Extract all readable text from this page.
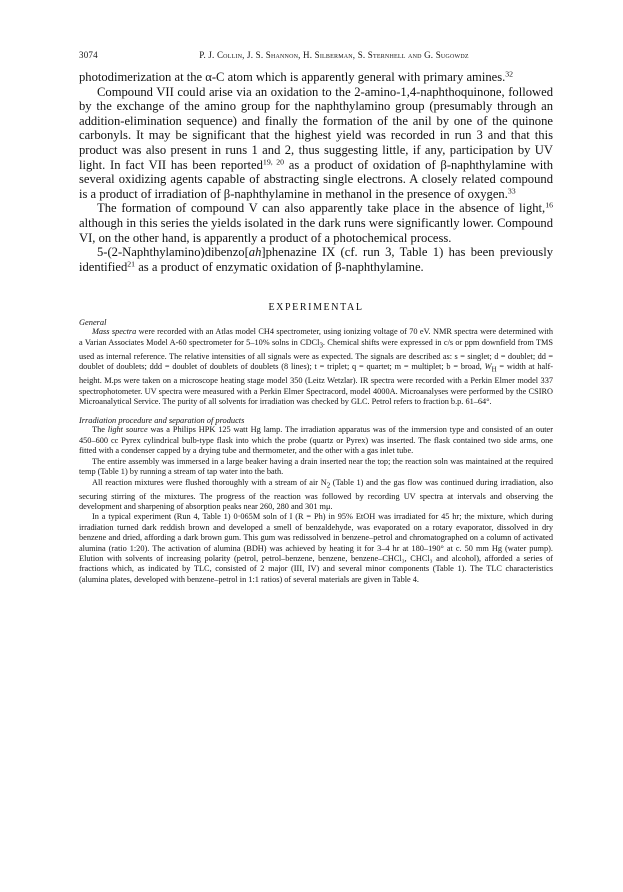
3074	P. J. Collin, J. S. Shannon, H. Silberman, S. Sternhell and G. Sugowdz

photodimerization at the α-C atom which is apparently general with primary amines.$^{32}$

Compound VII could arise via an oxidation to the 2-amino-1,4-naphthoquinone, followed by the exchange of the amino group for the naphthylamino group (presumably through an addition-elimination sequence) and finally the formation of the anil by one of the quinone carbonyls. It may be significant that the highest yield was recorded in run 3 and that this product was also present in runs 1 and 2, thus suggesting little, if any, participation by UV light. In fact VII has been reported$^{19, 20}$ as a product of oxidation of β-naphthylamine with several oxidizing agents capable of abstracting single electrons. A closely related compound is a product of irradiation of β-naphthylamine in methanol in the presence of oxygen.$^{33}$

The formation of compound V can also apparently take place in the absence of light,$^{16}$ although in this series the yields isolated in the dark runs were significantly lower. Compound VI, on the other hand, is apparently a product of a photochemical process.

5-(2-Naphthylamino)dibenzo[ah]phenazine IX (cf. run 3, Table 1) has been previously identified$^{21}$ as a product of enzymatic oxidation of β-naphthylamine.

EXPERIMENTAL

General

Mass spectra were recorded with an Atlas model CH4 spectrometer, using ionizing voltage of 70 eV. NMR spectra were determined with a Varian Associates Model A-60 spectrometer for 5–10% solns in CDCl$_3$. Chemical shifts were expressed in c/s or ppm downfield from TMS used as internal reference. The relative intensities of all signals were as expected. The signals are described as: s = singlet; d = doublet; dd = doublet of doublets; ddd = doublet of doublets of doublets (8 lines); t = triplet; q = quartet; m = multiplet; b = broad, $W_H$ = width at half-height. M.ps were taken on a microscope heating stage model 350 (Leitz Wetzlar). IR spectra were recorded with a Perkin Elmer model 337 spectrophotometer. UV spectra were measured with a Perkin Elmer Spectracord, model 4000A. Microanalyses were performed by the CSIRO Microanalytical Service. The purity of all solvents for irradiation was checked by GLC. Petrol refers to fraction b.p. 61–64°.

Irradiation procedure and separation of products

The light source was a Philips HPK 125 watt Hg lamp. The irradiation apparatus was of the immersion type and consisted of an outer 450–600 cc Pyrex cylindrical bulb-type flask into which the probe (quartz or Pyrex) was inserted. The flask contained two side arms, one fitted with a condenser capped by a drying tube and thermometer, and the other with a gas inlet tube.

The entire assembly was immersed in a large beaker having a drain inserted near the top; the reaction soln was maintained at the required temp (Table 1) by running a stream of tap water into the bath.

All reaction mixtures were flushed thoroughly with a stream of air $N_2$ (Table 1) and the gas flow was continued during irradiation, also securing stirring of the mixtures. The progress of the reaction was followed by recording UV spectra at intervals and observing the development and sharpening of absorption peaks near 260, 280 and 301 mμ.

In a typical experiment (Run 4, Table 1) 0·065M soln of I (R = Ph) in 95% EtOH was irradiated for 45 hr; the mixture, which during irradiation turned dark reddish brown and developed a smell of benzaldehyde, was evaporated on a rotary evaporator, dissolved in dry benzene and dried, affording a dark brown gum. This gum was redissolved in benzene–petrol and chromatographed on a column of activated alumina (ratio 1:20). The activation of alumina (BDH) was achieved by heating it for 3–4 hr at 180–190° at c. 50 mm Hg (water pump). Elution with solvents of increasing polarity (petrol, petrol–benzene, benzene, benzene–CHCl₃, CHCl₃ and alcohol), afforded a series of fractions which, as indicated by TLC, consisted of 2 major (III, IV) and several minor components (Table 1). The TLC characteristics (alumina plates, developed with benzene–petrol in 1:1 ratios) of several materials are given in Table 4.
